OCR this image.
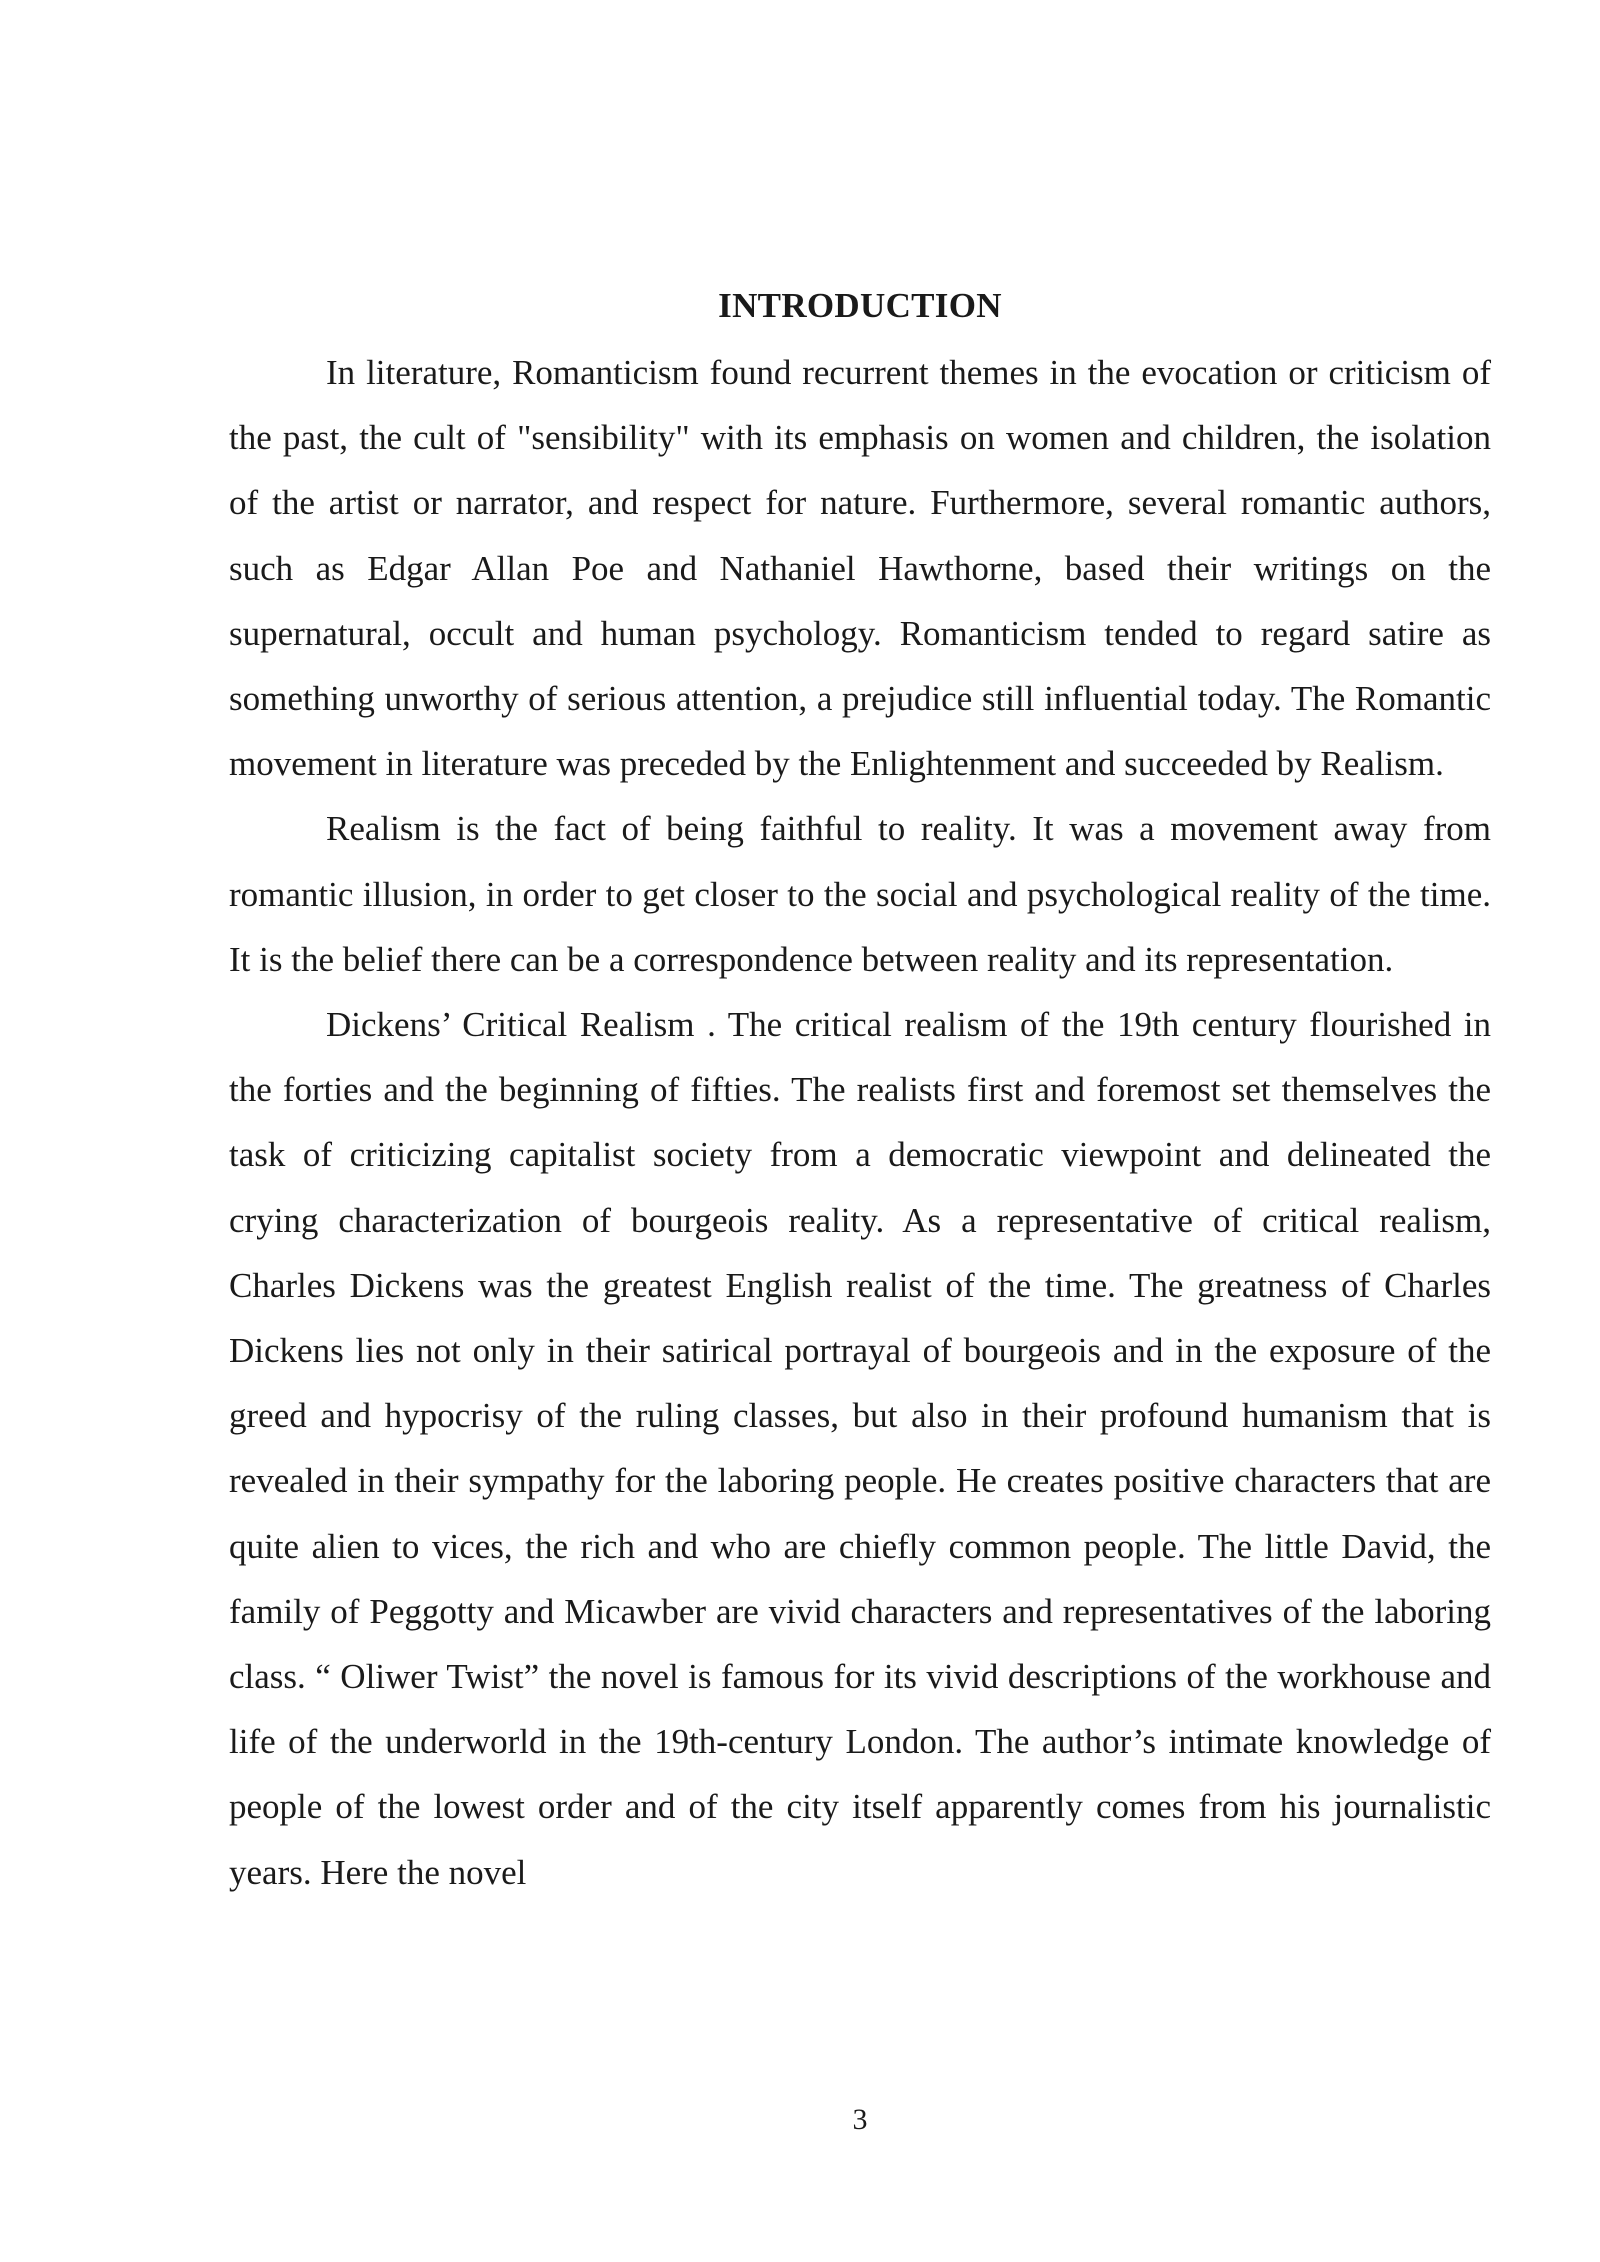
INTRODUCTION

In literature, Romanticism found recurrent themes in the evocation or criticism of the past, the cult of "sensibility" with its emphasis on women and children, the isolation of the artist or narrator, and respect for nature. Furthermore, several romantic authors, such as Edgar Allan Poe and Nathaniel Hawthorne, based their writings on the supernatural, occult and human psychology. Romanticism tended to regard satire as something unworthy of serious attention, a prejudice still influential today. The Romantic movement in literature was preceded by the Enlightenment and succeeded by Realism.

Realism is the fact of being faithful to reality. It was a movement away from romantic illusion, in order to get closer to the social and psychological reality of the time. It is the belief there can be a correspondence between reality and its representation.

Dickens’ Critical Realism . The critical realism of the 19th century flourished in the forties and the beginning of fifties. The realists first and foremost set themselves the task of criticizing capitalist society from a democratic viewpoint and delineated the crying characterization of bourgeois reality. As a representative of critical realism, Charles Dickens was the greatest English realist of the time. The greatness of Charles Dickens lies not only in their satirical portrayal of bourgeois and in the exposure of the greed and hypocrisy of the ruling classes, but also in their profound humanism that is revealed in their sympathy for the laboring people. He creates positive characters that are quite alien to vices, the rich and who are chiefly common people. The little David, the family of Peggotty and Micawber are vivid characters and representatives of the laboring class. “ Oliwer Twist” the novel is famous for its vivid descriptions of the workhouse and life of the underworld in the 19th-century London. The author’s intimate knowledge of people of the lowest order and of the city itself apparently comes from his journalistic years. Here the novel

3
